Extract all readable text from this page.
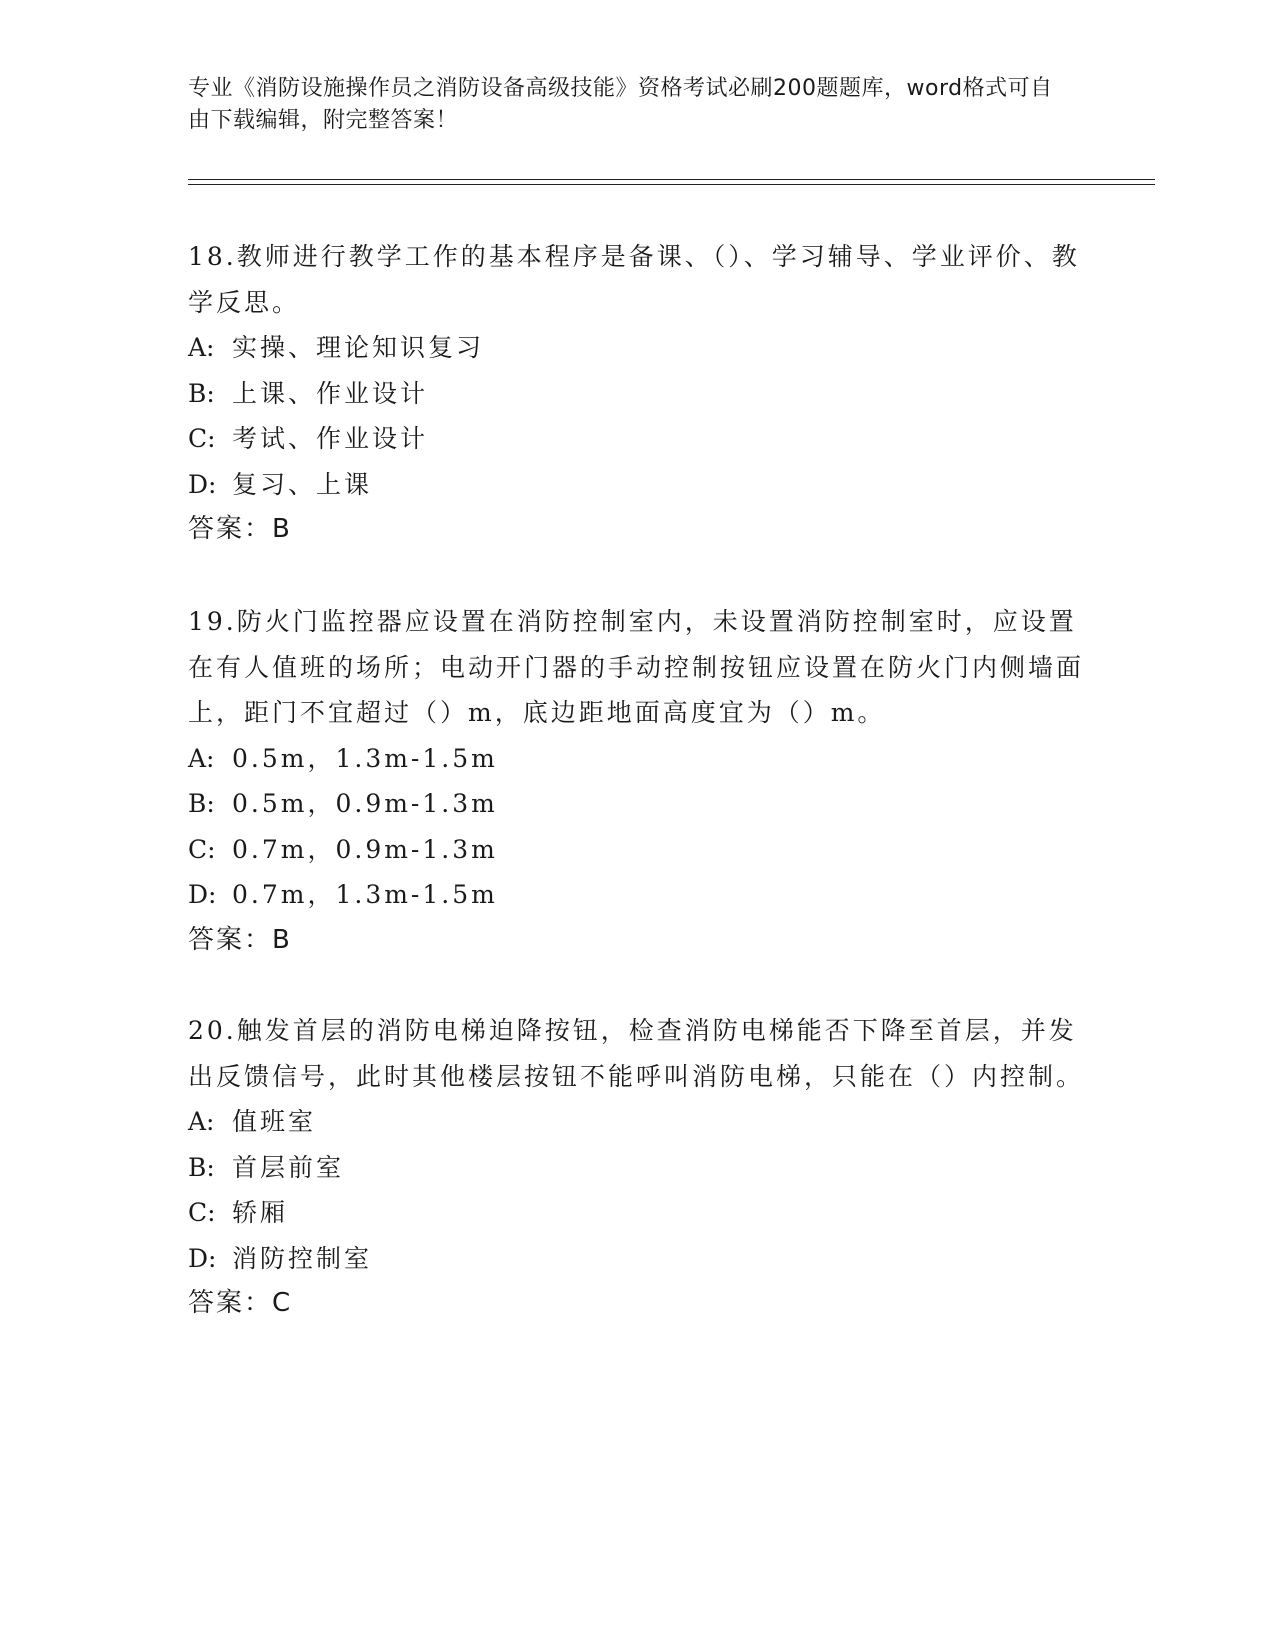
专业《消防设施操作员之消防设备高级技能》资格考试必刷200题题库，word格式可自由下载编辑，附完整答案！

18.教师进行教学工作的基本程序是备课、（）、学习辅导、学业评价、教学反思。

A: 实操、理论知识复习

B: 上课、作业设计

C: 考试、作业设计

D: 复习、上课

答案：B

19.防火门监控器应设置在消防控制室内，未设置消防控制室时，应设置在有人值班的场所；电动开门器的手动控制按钮应设置在防火门内侧墙面上，距门不宜超过（）m，底边距地面高度宜为（）m。

A: 0.5m，1.3m-1.5m

B: 0.5m，0.9m-1.3m

C: 0.7m，0.9m-1.3m

D: 0.7m，1.3m-1.5m

答案：B

20.触发首层的消防电梯迫降按钮，检查消防电梯能否下降至首层，并发出反馈信号，此时其他楼层按钮不能呼叫消防电梯，只能在（）内控制。

A: 值班室

B: 首层前室

C: 轿厢

D: 消防控制室

答案：C
